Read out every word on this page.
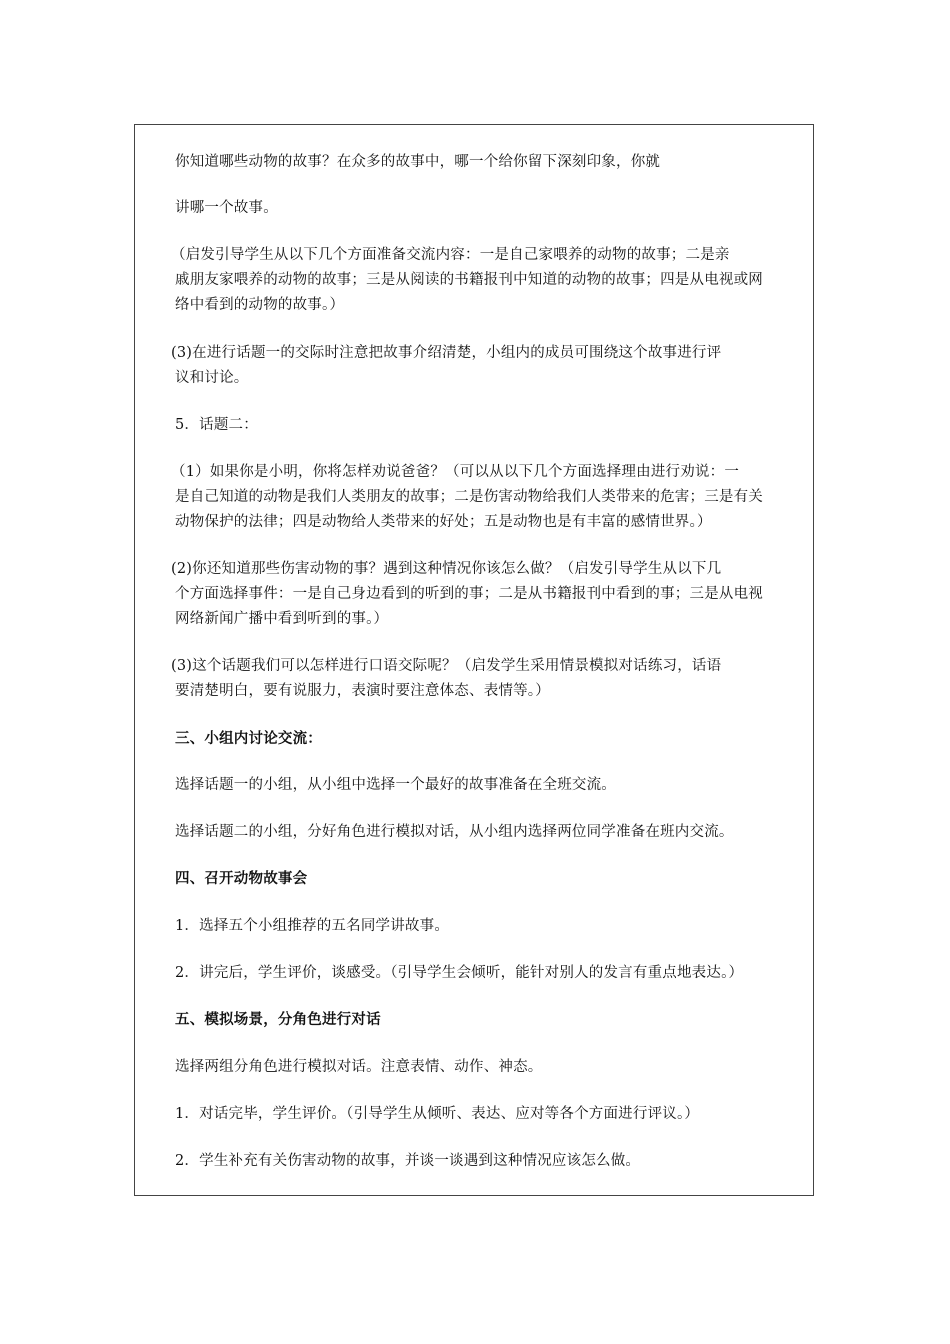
你知道哪些动物的故事？在众多的故事中，哪一个给你留下深刻印象，你就
讲哪一个故事。
（启发引导学生从以下几个方面准备交流内容：一是自己家喂养的动物的故事；二是亲
戚朋友家喂养的动物的故事；三是从阅读的书籍报刊中知道的动物的故事；四是从电视或网
络中看到的动物的故事。）
(3)在进行话题一的交际时注意把故事介绍清楚，小组内的成员可围绕这个故事进行评
议和讨论。
5．话题二：
（1）如果你是小明，你将怎样劝说爸爸？（可以从以下几个方面选择理由进行劝说：一
是自己知道的动物是我们人类朋友的故事；二是伤害动物给我们人类带来的危害；三是有关
动物保护的法律；四是动物给人类带来的好处；五是动物也是有丰富的感情世界。）
(2)你还知道那些伤害动物的事？遇到这种情况你该怎么做？（启发引导学生从以下几
个方面选择事件：一是自己身边看到的听到的事；二是从书籍报刊中看到的事；三是从电视
网络新闻广播中看到听到的事。）
(3)这个话题我们可以怎样进行口语交际呢？（启发学生采用情景模拟对话练习，话语
要清楚明白，要有说服力，表演时要注意体态、表情等。）
三、小组内讨论交流：
选择话题一的小组，从小组中选择一个最好的故事准备在全班交流。
选择话题二的小组，分好角色进行模拟对话，从小组内选择两位同学准备在班内交流。
四、召开动物故事会
1．选择五个小组推荐的五名同学讲故事。
2．讲完后，学生评价，谈感受。（引导学生会倾听，能针对别人的发言有重点地表达。）
五、模拟场景，分角色进行对话
选择两组分角色进行模拟对话。注意表情、动作、神态。
1．对话完毕，学生评价。（引导学生从倾听、表达、应对等各个方面进行评议。）
2．学生补充有关伤害动物的故事，并谈一谈遇到这种情况应该怎么做。
